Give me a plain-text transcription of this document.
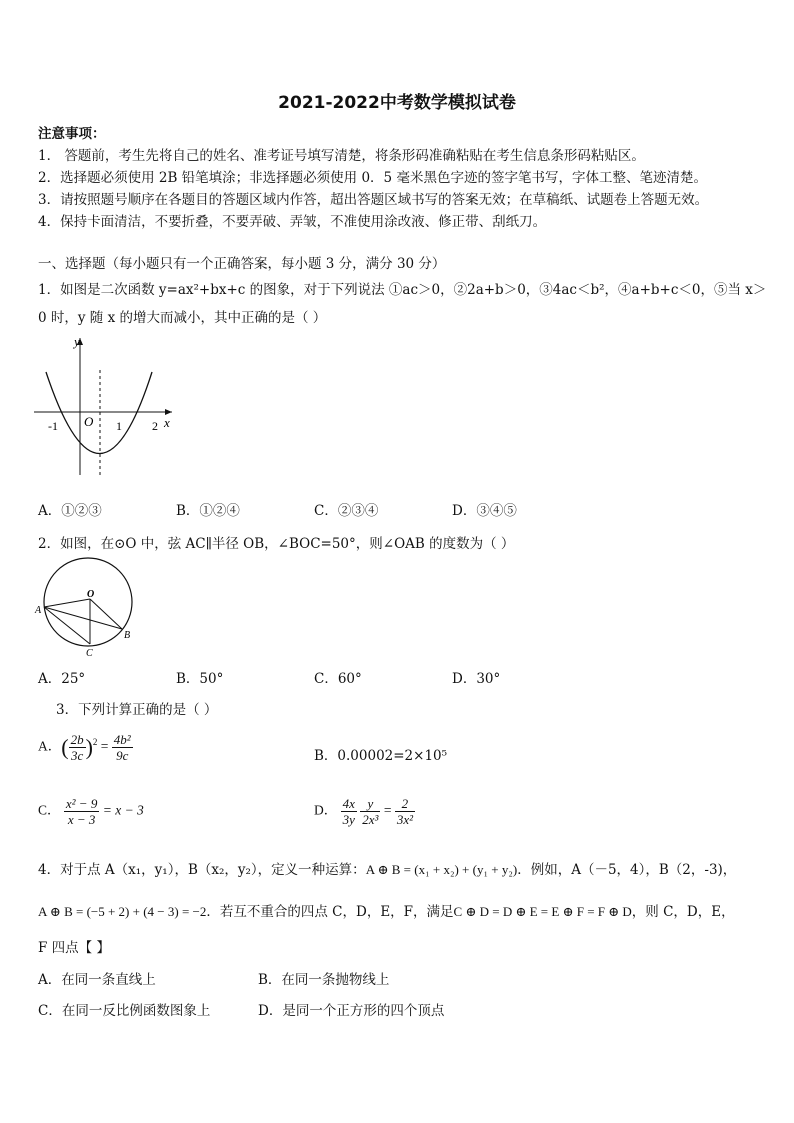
2021-2022中考数学模拟试卷
注意事项：
1． 答题前，考生先将自己的姓名、准考证号填写清楚，将条形码准确粘贴在考生信息条形码粘贴区。
2．选择题必须使用 2B 铅笔填涂；非选择题必须使用 0．5 毫米黑色字迹的签字笔书写，字体工整、笔迹清楚。
3．请按照题号顺序在各题目的答题区域内作答，超出答题区域书写的答案无效；在草稿纸、试题卷上答题无效。
4．保持卡面清洁，不要折叠，不要弄破、弄皱，不准使用涂改液、修正带、刮纸刀。
一、选择题（每小题只有一个正确答案，每小题 3 分，满分 30 分）
1．如图是二次函数 y=ax²+bx+c 的图象，对于下列说法 ①ac＞0，②2a+b＞0，③4ac＜b²，④a+b+c＜0，⑤当 x＞
0 时，y 随 x 的增大而减小，其中正确的是（ ）
y
x
O
-1	1	2
A．①②③	B．①②④	C．②③④	D．③④⑤
2．如图，在⊙O 中，弦 AC∥半径 OB，∠BOC=50°，则∠OAB 的度数为（ ）
O
A
B
C
A．25°	B．50°	C．60°	D．30°
3．下列计算正确的是（ ）
A．( $\frac{2b}{3c} )^2 = \frac{\text{4b²}}{9c}$	B．0.00002=2×10⁵
C． $\frac{\text{x² − 9}}{x - 3} = x - 3$	D． $\frac{4x}{3y}$
$\frac{y}{\text{2x³}} = \frac{2}{\text{3x²}}$
4．对于点 A（x₁，y₁），B（x₂，y₂），定义一种运算：A ⊕ B = (x₁ + x₂) + (y₁ + y₂)．例如，A（－5，4），B（2，-3)，
A ⊕ B = (−5 + 2) + (4 − 3) = −2．若互不重合的四点 C，D，E，F，满足C ⊕ D = D ⊕ E = E ⊕ F = F ⊕ D，则 C，D，E，
F 四点【 】
A．在同一条直线上	B．在同一条抛物线上
C．在同一反比例函数图象上	D．是同一个正方形的四个顶点
